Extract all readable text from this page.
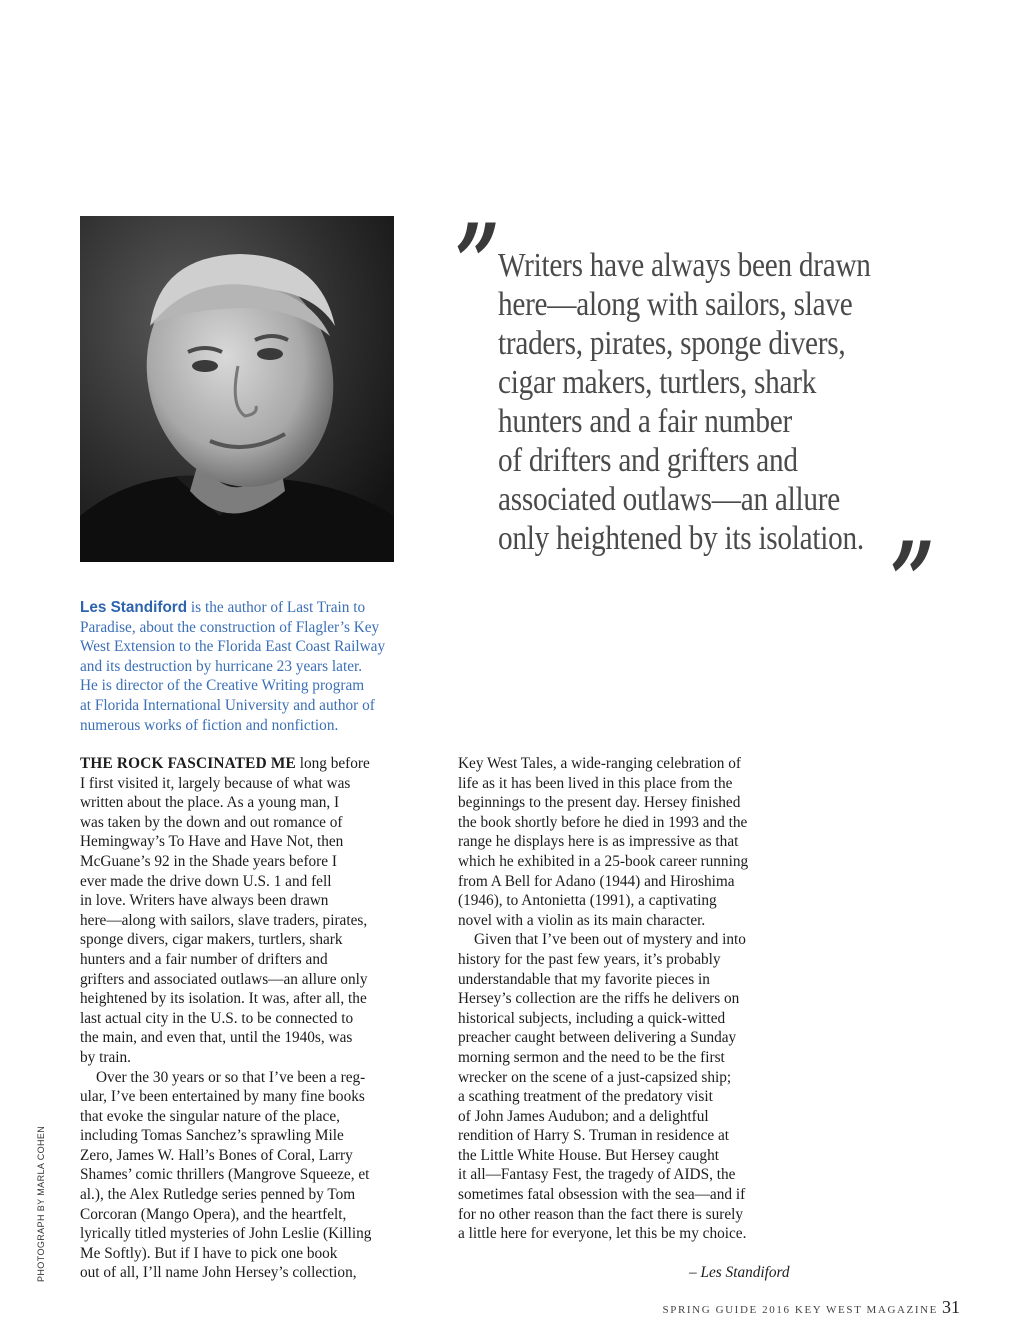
”

Writers have always been drawn
here—along with sailors, slave
traders, pirates, sponge divers,
cigar makers, turtlers, shark
hunters and a fair number
of drifters and grifters and
associated outlaws—an allure
only heightened by its isolation. ”

Les Standiford is the author of Last Train to
Paradise, about the construction of Flagler’s Key
West Extension to the Florida East Coast Railway
and its destruction by hurricane 23 years later.
He is director of the Creative Writing program
at Florida International University and author of
numerous works of fiction and nonfiction.

THE ROCK FASCINATED ME long before
I first visited it, largely because of what was
written about the place. As a young man, I
was taken by the down and out romance of
Hemingway’s To Have and Have Not, then
McGuane’s 92 in the Shade years before I
ever made the drive down U.S. 1 and fell
in love. Writers have always been drawn
here—along with sailors, slave traders, pirates,
sponge divers, cigar makers, turtlers, shark
hunters and a fair number of drifters and
grifters and associated outlaws—an allure only
heightened by its isolation. It was, after all, the
last actual city in the U.S. to be connected to
the main, and even that, until the 1940s, was
by train.
Over the 30 years or so that I’ve been a reg-
ular, I’ve been entertained by many fine books
that evoke the singular nature of the place,
including Tomas Sanchez’s sprawling Mile
Zero, James W. Hall’s Bones of Coral, Larry
Shames’ comic thrillers (Mangrove Squeeze, et
al.), the Alex Rutledge series penned by Tom
Corcoran (Mango Opera), and the heartfelt,
lyrically titled mysteries of John Leslie (Killing
Me Softly). But if I have to pick one book
out of all, I’ll name John Hersey’s collection,
Key West Tales, a wide-ranging celebration of
life as it has been lived in this place from the
beginnings to the present day. Hersey finished
the book shortly before he died in 1993 and the
range he displays here is as impressive as that
which he exhibited in a 25-book career running
from A Bell for Adano (1944) and Hiroshima
(1946), to Antonietta (1991), a captivating
novel with a violin as its main character.
Given that I’ve been out of mystery and into
history for the past few years, it’s probably
understandable that my favorite pieces in
Hersey’s collection are the riffs he delivers on
historical subjects, including a quick-witted
preacher caught between delivering a Sunday
morning sermon and the need to be the first
wrecker on the scene of a just-capsized ship;
a scathing treatment of the predatory visit
of John James Audubon; and a delightful
rendition of Harry S. Truman in residence at
the Little White House. But Hersey caught
it all—Fantasy Fest, the tragedy of AIDS, the
sometimes fatal obsession with the sea—and if
for no other reason than the fact there is surely
a little here for everyone, let this be my choice.

– Les Standiford

PHOTOGRAPH BY MARLA COHEN

SPRING GUIDE 2016 KEY WEST MAGAZINE 31
